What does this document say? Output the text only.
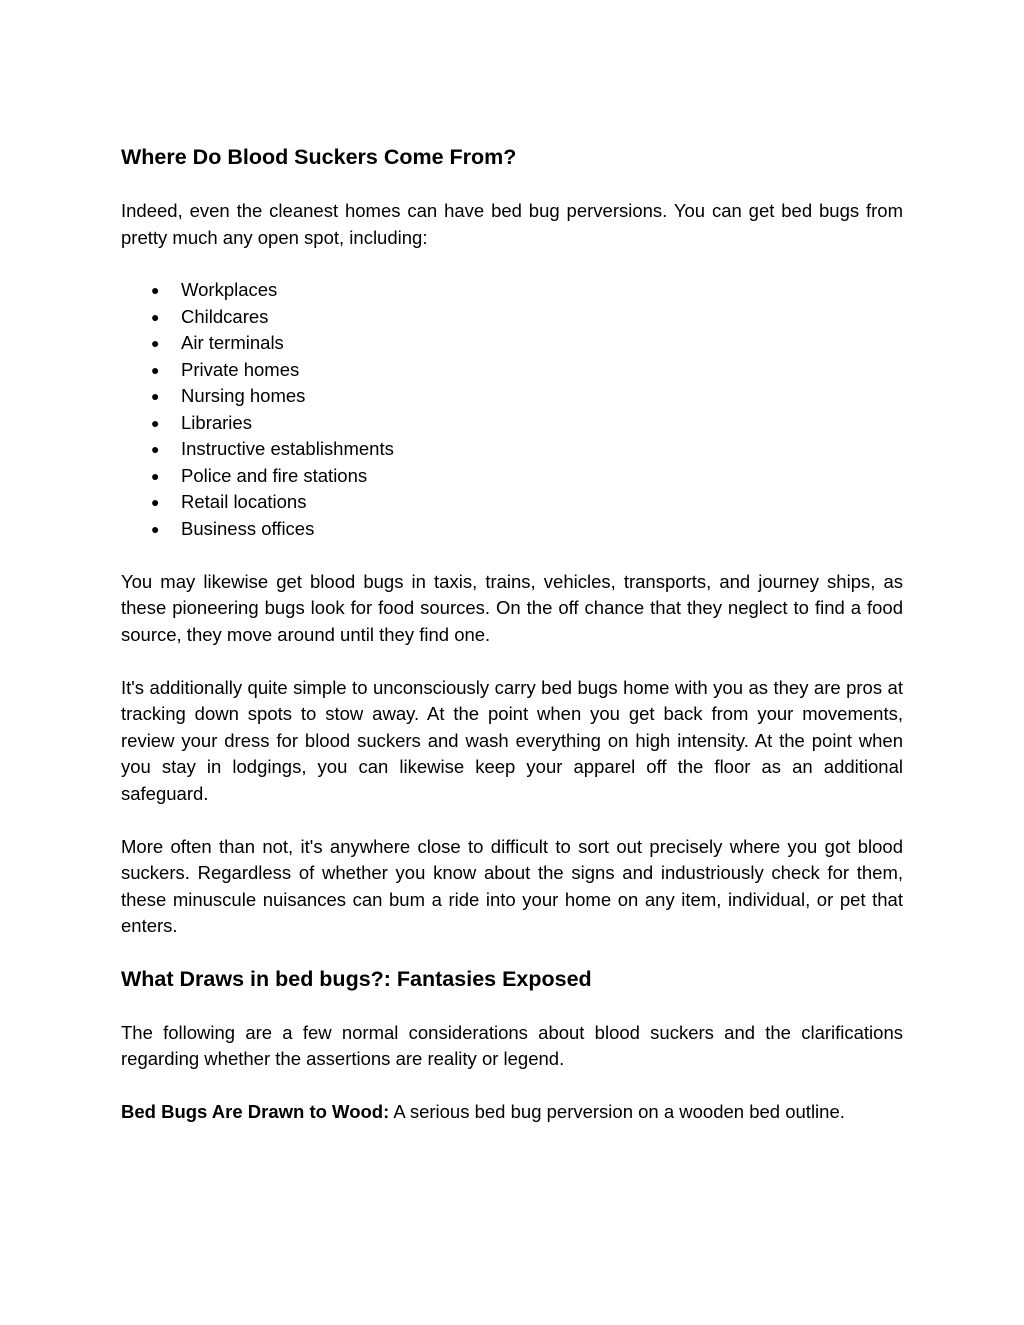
Where Do Blood Suckers Come From?

Indeed, even the cleanest homes can have bed bug perversions. You can get bed bugs from pretty much any open spot, including:

● Workplaces
● Childcares
● Air terminals
● Private homes
● Nursing homes
● Libraries
● Instructive establishments
● Police and fire stations
● Retail locations
● Business offices

You may likewise get blood bugs in taxis, trains, vehicles, transports, and journey ships, as these pioneering bugs look for food sources. On the off chance that they neglect to find a food source, they move around until they find one.

It's additionally quite simple to unconsciously carry bed bugs home with you as they are pros at tracking down spots to stow away. At the point when you get back from your movements, review your dress for blood suckers and wash everything on high intensity. At the point when you stay in lodgings, you can likewise keep your apparel off the floor as an additional safeguard.

More often than not, it's anywhere close to difficult to sort out precisely where you got blood suckers. Regardless of whether you know about the signs and industriously check for them, these minuscule nuisances can bum a ride into your home on any item, individual, or pet that enters.

What Draws in bed bugs?: Fantasies Exposed

The following are a few normal considerations about blood suckers and the clarifications regarding whether the assertions are reality or legend.

Bed Bugs Are Drawn to Wood: A serious bed bug perversion on a wooden bed outline.
